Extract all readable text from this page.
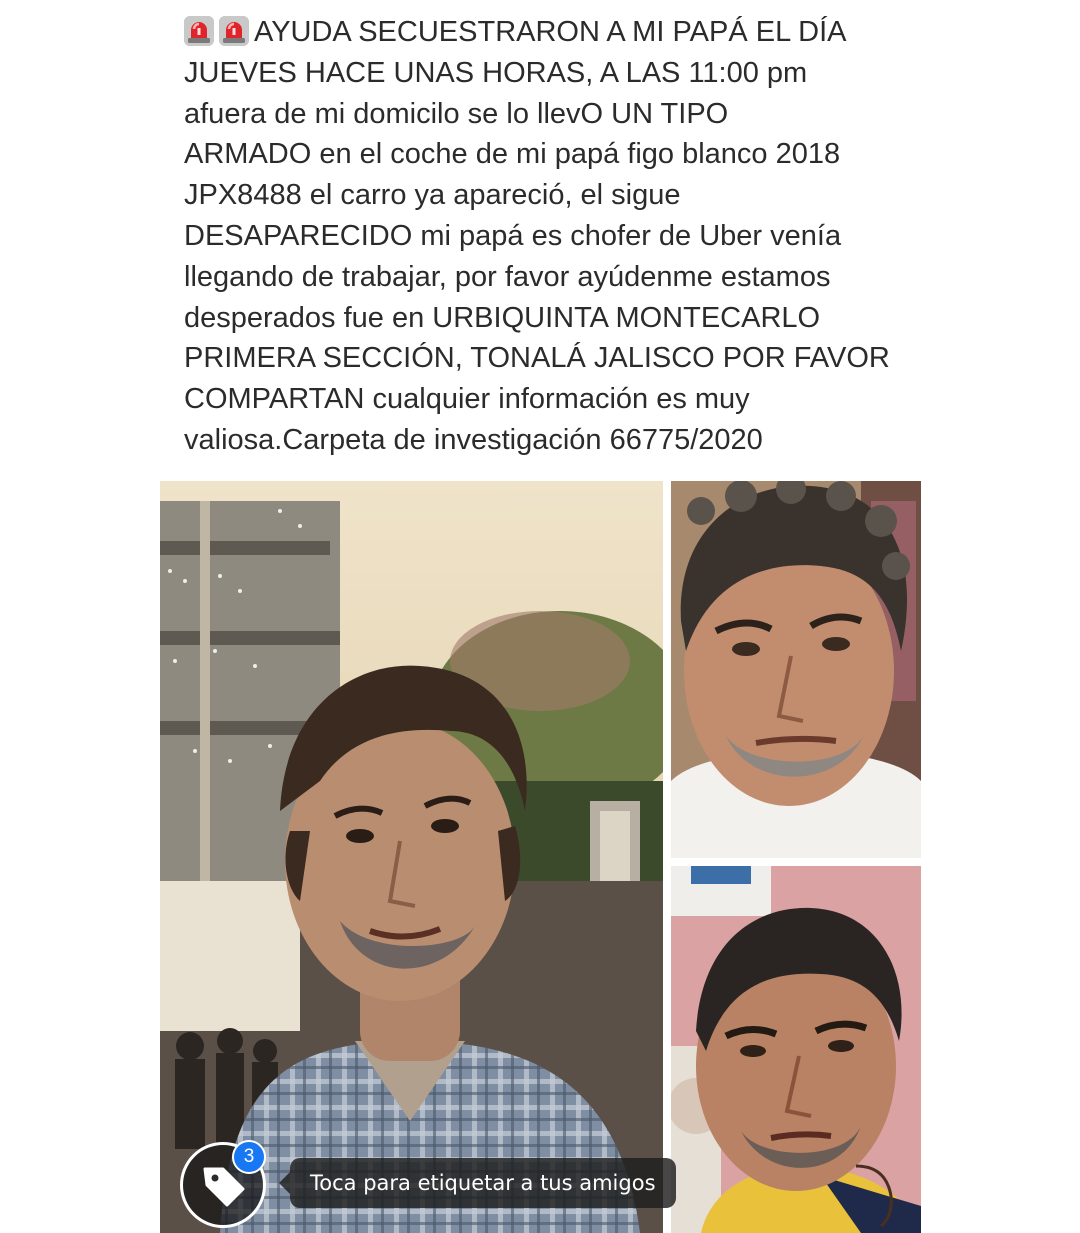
AYUDA SECUESTRARON A MI PAPÁ EL DÍA
JUEVES HACE UNAS HORAS, A LAS 11:00 pm
afuera de mi domicilo se lo llevO UN TIPO
ARMADO en el coche de mi papá figo blanco 2018
JPX8488 el carro ya apareció, el sigue
DESAPARECIDO mi papá es chofer de Uber venía
llegando de trabajar, por favor ayúdenme estamos
desperados fue en URBIQUINTA MONTECARLO
PRIMERA SECCIÓN, TONALÁ JALISCO POR FAVOR
COMPARTAN cualquier información es muy
valiosa.Carpeta de investigación 66775/2020
3
Toca para etiquetar a tus amigos
